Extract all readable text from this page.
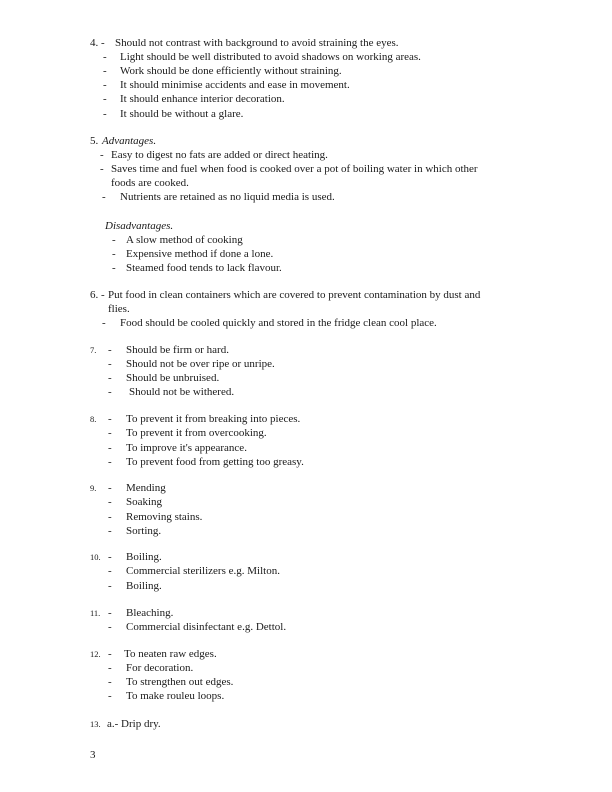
4. - Should not contrast with background to avoid straining the eyes.
- Light should be well distributed to avoid shadows on working areas.
- Work should be done efficiently without straining.
- It should minimise accidents and ease in movement.
- It should enhance interior decoration.
- It should be without a glare.
5. Advantages.
- Easy to digest no fats are added or direct heating.
- Saves time and fuel when food is cooked over a pot of boiling water in which other
foods are cooked.
- Nutrients are retained as no liquid media is used.
Disadvantages.
- A slow method of cooking
- Expensive method if done a lone.
- Steamed food tends to lack flavour.
6. - Put food in clean containers which are covered to prevent contamination by dust and
flies.
- Food should be cooled quickly and stored in the fridge clean cool place.
7. - Should be firm or hard.
- Should not be over ripe or unripe.
- Should be unbruised.
- Should not be withered.
8. - To prevent it from breaking into pieces.
- To prevent it from overcooking.
- To improve it's appearance.
- To prevent food from getting too greasy.
9. - Mending
- Soaking
- Removing stains.
- Sorting.
10. - Boiling.
- Commercial sterilizers e.g. Milton.
- Boiling.
11. - Bleaching.
- Commercial disinfectant e.g. Dettol.
12. - To neaten raw edges.
- For decoration.
- To strengthen out edges.
- To make rouleu loops.
13. a.- Drip dry.
3
